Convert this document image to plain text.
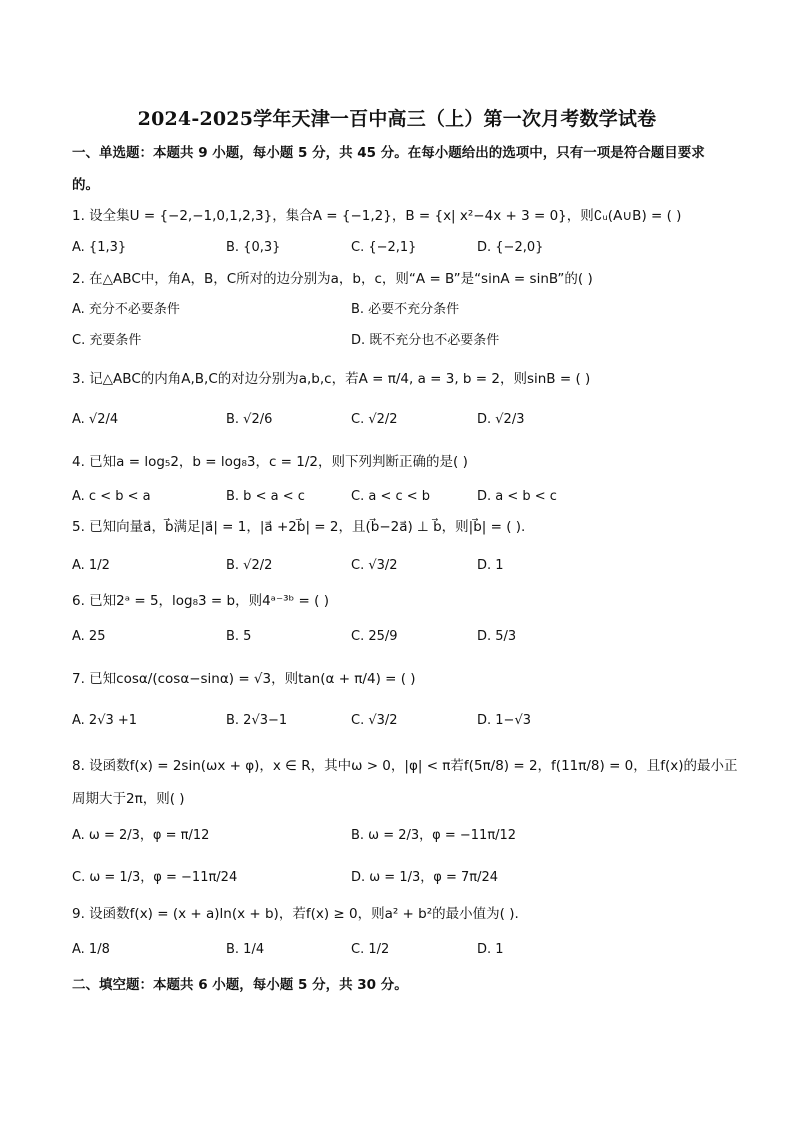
2024-2025学年天津一百中高三（上）第一次月考数学试卷
一、单选题：本题共 9 小题，每小题 5 分，共 45 分。在每小题给出的选项中，只有一项是符合题目要求
的。
1. 设全集U = {−2,−1,0,1,2,3}，集合A = {−1,2}，B = {x| x²−4x + 3 = 0}，则∁ᵤ(A∪B) = ( )
A. {1,3}	B. {0,3}	C. {−2,1}	D. {−2,0}
2. 在△ABC中，角A，B，C所对的边分别为a，b，c，则“A = B”是“sinA = sinB”的( )
A. 充分不必要条件	B. 必要不充分条件
C. 充要条件	D. 既不充分也不必要条件
3. 记△ABC的内角A,B,C的对边分别为a,b,c，若A = π/4, a = 3, b = 2，则sinB = ( )
A. √2/4	B. √2/6	C. √2/2	D. √2/3
4. 已知a = log₅2，b = log₈3，c = 1/2，则下列判断正确的是( )
A. c < b < a	B. b < a < c	C. a < c < b	D. a < b < c
5. 已知向量a⃗，b⃗满足|a⃗| = 1，|a⃗ +2b⃗| = 2，且(b⃗−2a⃗) ⊥ b⃗，则|b⃗| = ( ).
A. 1/2	B. √2/2	C. √3/2	D. 1
6. 已知2ᵃ = 5，log₈3 = b，则4ᵃ⁻³ᵇ = ( )
A. 25	B. 5	C. 25/9	D. 5/3
7. 已知cosα/(cosα−sinα) = √3，则tan(α + π/4) = ( )
A. 2√3 +1	B. 2√3−1	C. √3/2	D. 1−√3
8. 设函数f(x) = 2sin(ωx + φ)，x ∈ R，其中ω > 0，|φ| < π若f(5π/8) = 2，f(11π/8) = 0，且f(x)的最小正
周期大于2π，则( )
A. ω = 2/3，φ = π/12	B. ω = 2/3，φ = −11π/12
C. ω = 1/3，φ = −11π/24	D. ω = 1/3，φ = 7π/24
9. 设函数f(x) = (x + a)ln(x + b)，若f(x) ≥ 0，则a² + b²的最小值为( ).
A. 1/8	B. 1/4	C. 1/2	D. 1
二、填空题：本题共 6 小题，每小题 5 分，共 30 分。
